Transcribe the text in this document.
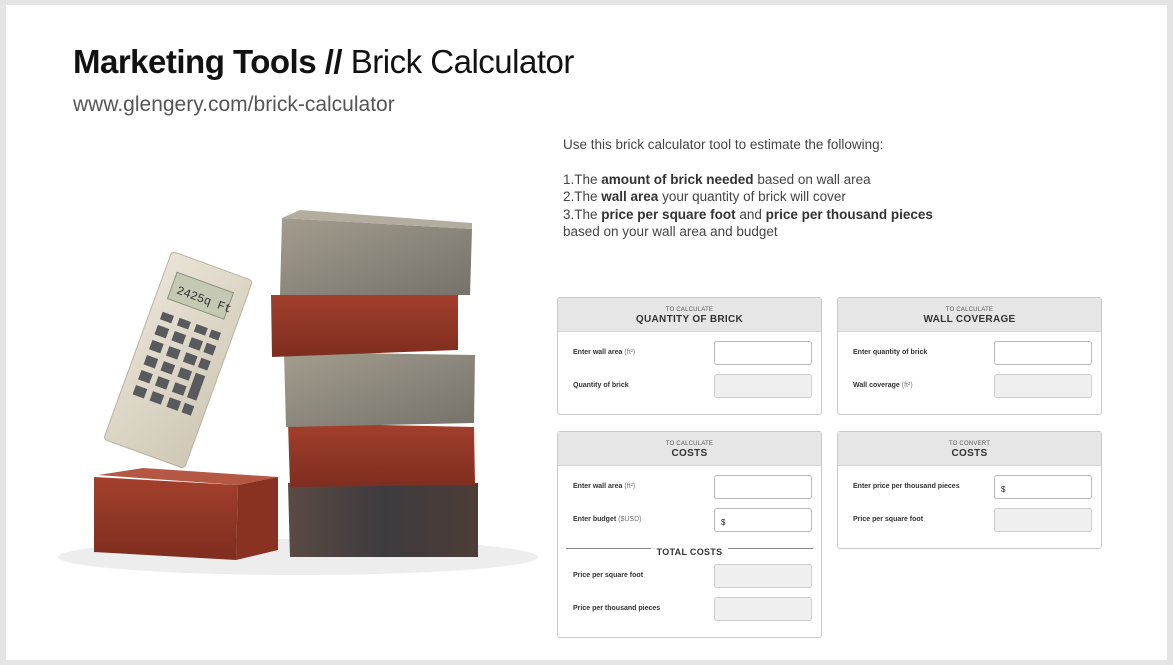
Marketing Tools // Brick Calculator
www.glengery.com/brick-calculator

Use this brick calculator tool to estimate the following:

1.The amount of brick needed based on wall area

2.The wall area your quantity of brick will cover

3.The price per square foot and price per thousand pieces based on your wall area and budget

2425q Ft	TO CALCULATE
QUANTITY OF BRICK
Enter wall area (ft²)
Quantity of brick
TO CALCULATE
WALL COVERAGE
Enter quantity of brick
Wall coverage (ft²)
TO CALCULATE
COSTS
Enter wall area (ft²)
Enter budget ($USD)	$
TOTAL COSTS
Price per square foot
Price per thousand pieces
TO CONVERT
COSTS
Enter price per thousand pieces	$
Price per square foot
